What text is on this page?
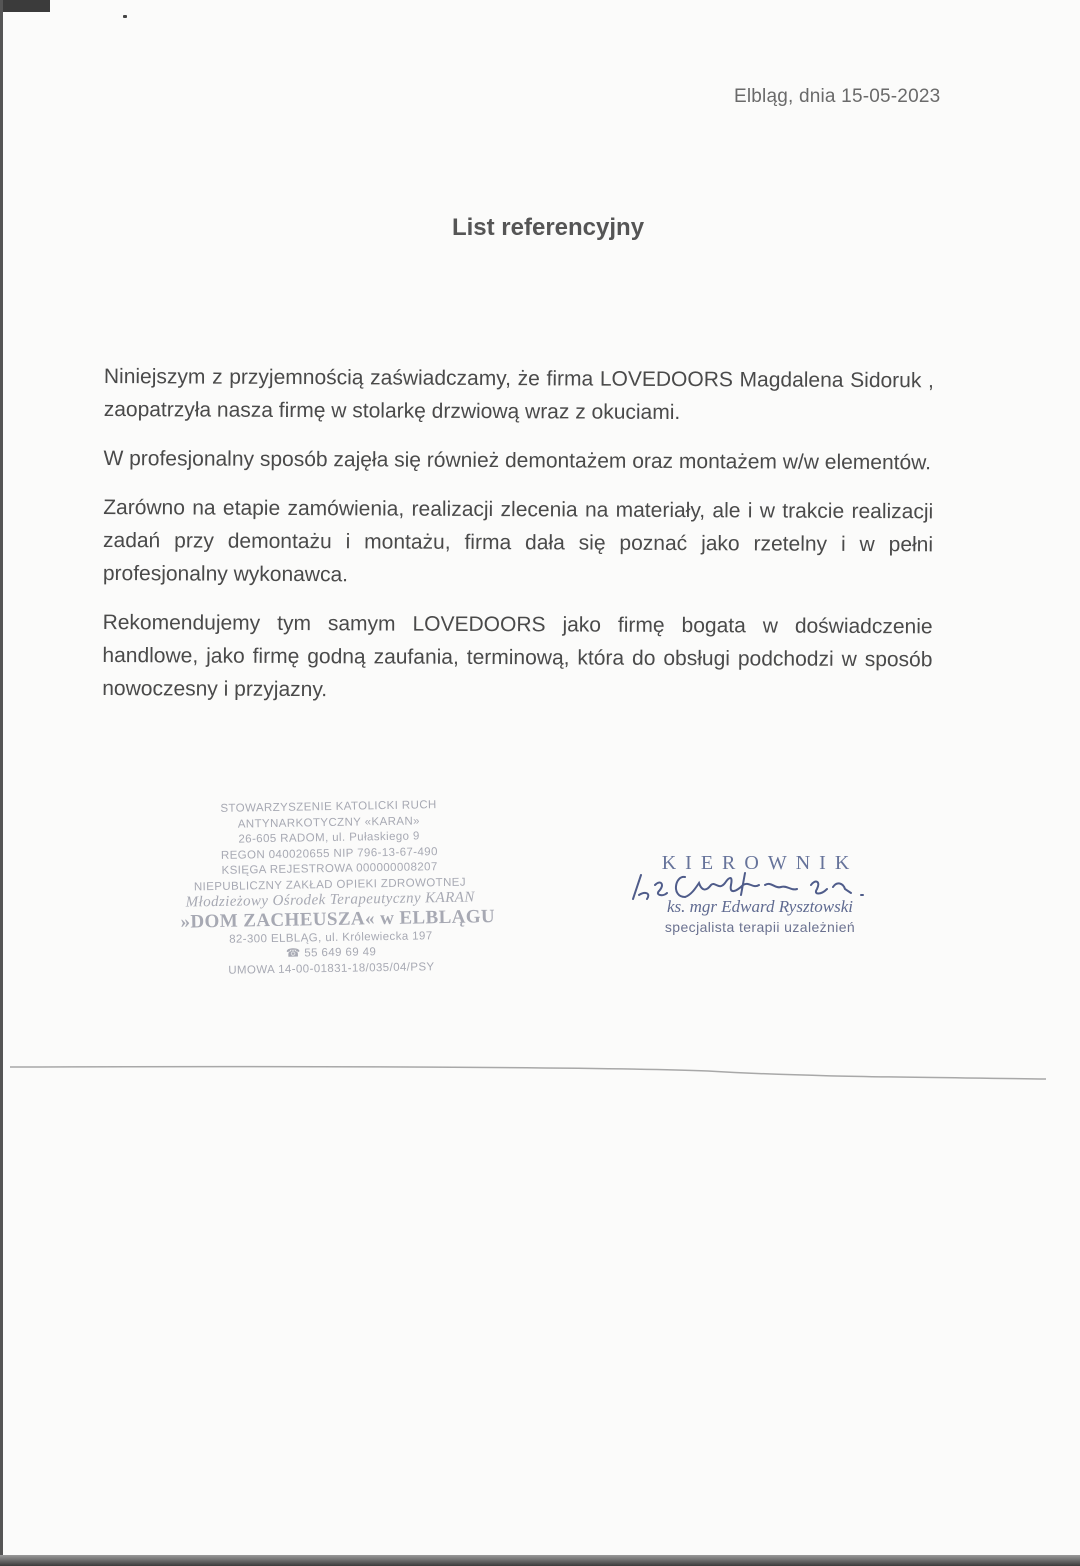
Elbląg, dnia 15-05-2023
List referencyjny

Niniejszym z przyjemnością zaświadczamy, że firma LOVEDOORS Magdalena Sidoruk , zaopatrzyła nasza firmę w stolarkę drzwiową wraz z okuciami.

W profesjonalny sposób zajęła się również demontażem oraz montażem w/w elementów.

Zarówno na etapie zamówienia, realizacji zlecenia na materiały, ale i w trakcie realizacji zadań przy demontażu i montażu, firma dała się poznać jako rzetelny i w pełni profesjonalny wykonawca.

Rekomendujemy tym samym LOVEDOORS jako firmę bogata w doświadczenie handlowe, jako firmę godną zaufania, terminową, która do obsługi podchodzi w sposób nowoczesny i przyjazny.

STOWARZYSZENIE KATOLICKI RUCH
ANTYNARKOTYCZNY «KARAN»
26-605 RADOM, ul. Pułaskiego 9
REGON 040020655 NIP 796-13-67-490
KSIĘGA REJESTROWA 000000008207
NIEPUBLICZNY ZAKŁAD OPIEKI ZDROWOTNEJ
Młodzieżowy Ośrodek Terapeutyczny KARAN
»DOM ZACHEUSZA« w ELBLĄGU
82-300 ELBLĄG, ul. Królewiecka 197
☎ 55 649 69 49
UMOWA 14-00-01831-18/035/04/PSY
KIEROWNIK
ks. mgr Edward Rysztowski
specjalista terapii uzależnień
